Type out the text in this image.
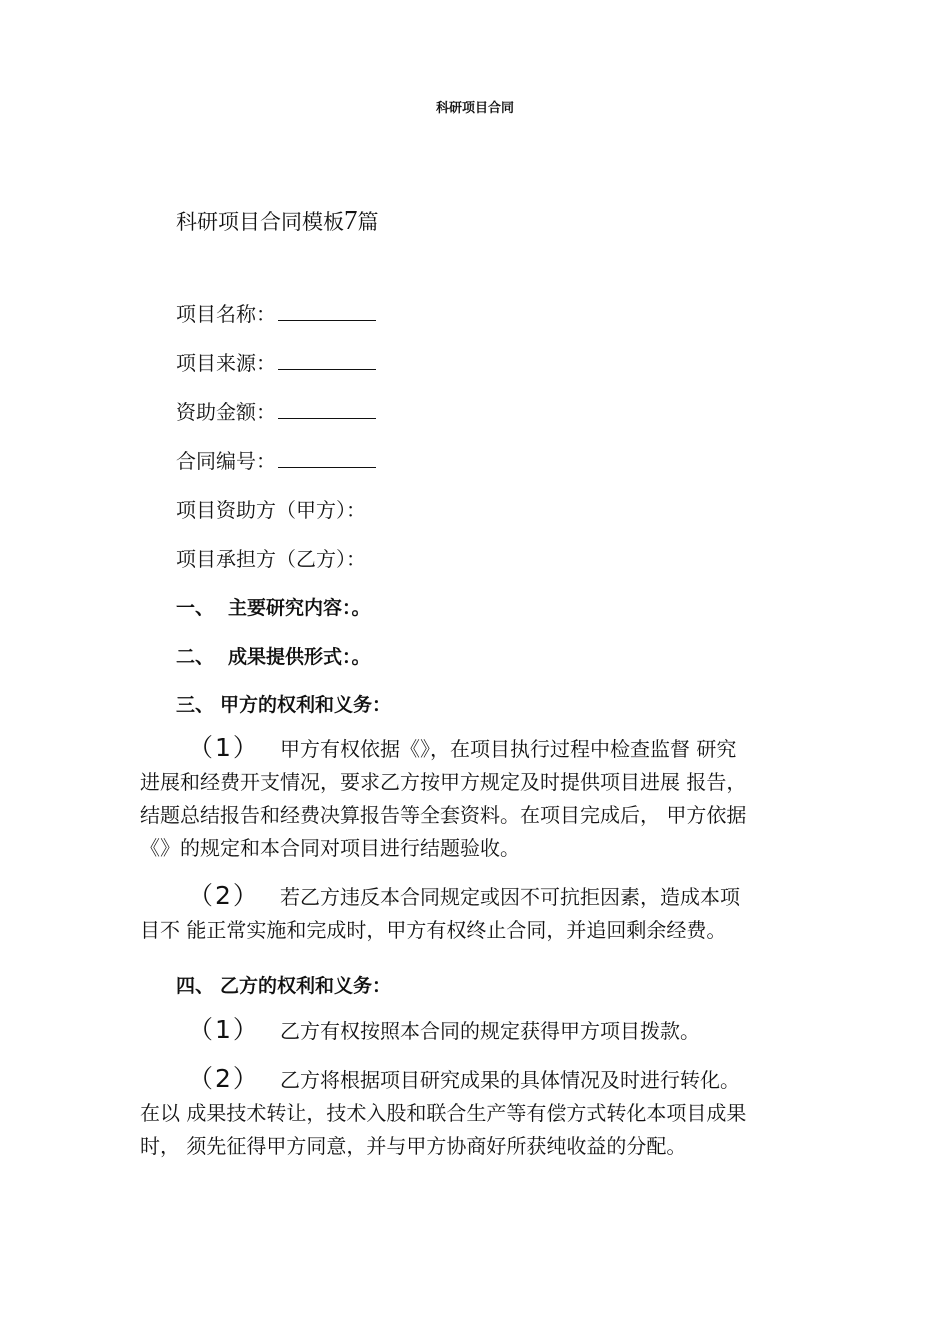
科研项目合同
科研项目合同模板7篇
项目名称：
项目来源：
资助金额：
合同编号：
项目资助方（甲方）：
项目承担方（乙方）：
一、 主要研究内容：。
二、 成果提供形式：。
三、 甲方的权利和义务：
（1） 甲方有权依据《》，在项目执行过程中检查监督 研究
进展和经费开支情况，要求乙方按甲方规定及时提供项目进展 报告，
结题总结报告和经费决算报告等全套资料。在项目完成后， 甲方依据
《》的规定和本合同对项目进行结题验收。
（2） 若乙方违反本合同规定或因不可抗拒因素，造成本项
目不 能正常实施和完成时，甲方有权终止合同，并追回剩余经费。
四、 乙方的权利和义务：
（1） 乙方有权按照本合同的规定获得甲方项目拨款。
（2） 乙方将根据项目研究成果的具体情况及时进行转化。
在以 成果技术转让，技术入股和联合生产等有偿方式转化本项目成果
时， 须先征得甲方同意，并与甲方协商好所获纯收益的分配。
